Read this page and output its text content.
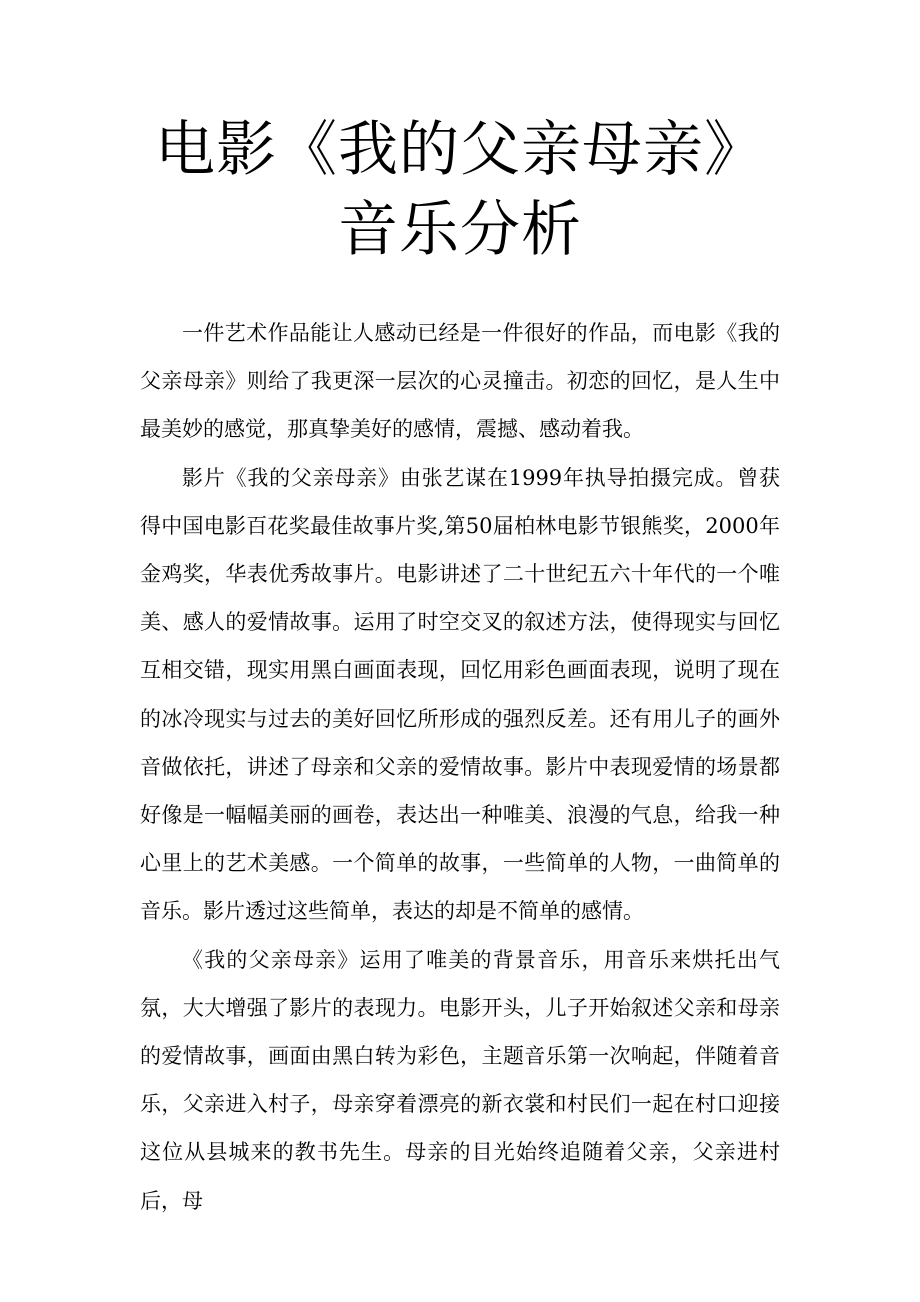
电影《我的父亲母亲》音乐分析

一件艺术作品能让人感动已经是一件很好的作品，而电影《我的父亲母亲》则给了我更深一层次的心灵撞击。初恋的回忆，是人生中最美妙的感觉，那真挚美好的感情，震撼、感动着我。

影片《我的父亲母亲》由张艺谋在1999年执导拍摄完成。曾获得中国电影百花奖最佳故事片奖,第50届柏林电影节银熊奖，2000年金鸡奖，华表优秀故事片。电影讲述了二十世纪五六十年代的一个唯美、感人的爱情故事。运用了时空交叉的叙述方法，使得现实与回忆互相交错，现实用黑白画面表现，回忆用彩色画面表现，说明了现在的冰冷现实与过去的美好回忆所形成的强烈反差。还有用儿子的画外音做依托，讲述了母亲和父亲的爱情故事。影片中表现爱情的场景都好像是一幅幅美丽的画卷，表达出一种唯美、浪漫的气息，给我一种心里上的艺术美感。一个简单的故事，一些简单的人物，一曲简单的音乐。影片透过这些简单，表达的却是不简单的感情。

《我的父亲母亲》运用了唯美的背景音乐，用音乐来烘托出气氛，大大增强了影片的表现力。电影开头，儿子开始叙述父亲和母亲的爱情故事，画面由黑白转为彩色，主题音乐第一次响起，伴随着音乐，父亲进入村子，母亲穿着漂亮的新衣裳和村民们一起在村口迎接这位从县城来的教书先生。母亲的目光始终追随着父亲，父亲进村后，母
